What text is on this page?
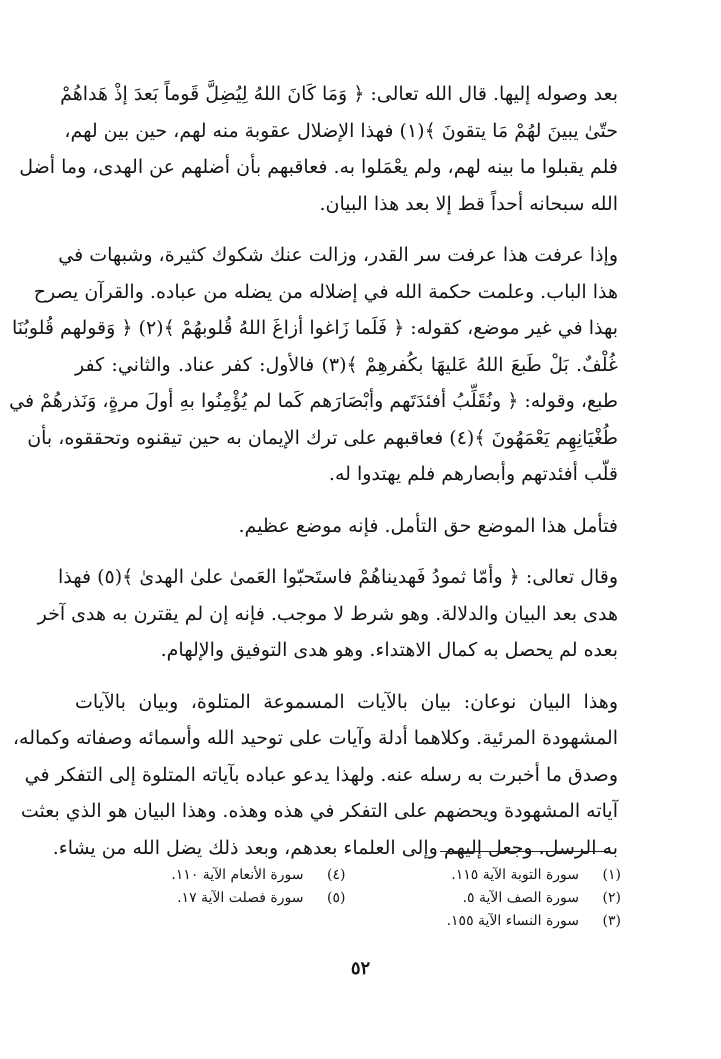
بعد وصوله إليها. قال الله تعالى: ﴿ وَمَا كَانَ اللهُ لِيُضِلَّ قَوماً بَعدَ إذْ هَداهُمْ
حتّىٰ يبينَ لهُمْ مَا يتقونَ ﴾(١) فهذا الإضلال عقوبة منه لهم، حين بين لهم،
فلم يقبلوا ما بينه لهم، ولم يعْمَلوا به. فعاقبهم بأن أضلهم عن الهدى، وما أضل
الله سبحانه أحداً قط إلا بعد هذا البيان.
وإذا عرفت هذا عرفت سر القدر، وزالت عنك شكوك كثيرة، وشبهات في
هذا الباب. وعلمت حكمة الله في إضلاله من يضله من عباده. والقرآن يصرح
بهذا في غير موضع، كقوله: ﴿ فَلَما زَاغوا أزاغَ اللهُ قُلوبهُمْ ﴾(٢) ﴿ وَقولهم قُلوبُنَا
غُلْفٌ. بَلْ طَبعَ اللهُ عَليهَا بكُفرهِمْ ﴾(٣) فالأول: كفر عناد. والثاني: كفر
طبع، وقوله: ﴿ ونُقَلِّبُ أفئدَتَهم وأبْصَارَهم كَما لم يُؤْمِنُوا بهِ أولَ مرةٍ، وَنَذرهُمْ في
طُغْيَانِهِم يَعْمَهُونَ ﴾(٤) فعاقبهم على ترك الإيمان به حين تيقنوه وتحققوه، بأن
قلّب أفئدتهم وأبصارهم فلم يهتدوا له.
فتأمل هذا الموضع حق التأمل. فإنه موضع عظيم.
وقال تعالى: ﴿ وأمّا ثمودُ فَهديناهُمْ فاستَحبّوا العَمىٰ علىٰ الهدىٰ ﴾(٥) فهذا
هدى بعد البيان والدلالة. وهو شرط لا موجب. فإنه إن لم يقترن به هدى آخر
بعده لم يحصل به كمال الاهتداء. وهو هدى التوفيق والإلهام.
وهذا البيان نوعان: بيان بالآيات المسموعة المتلوة، وبيان بالآيات
المشهودة المرئية. وكلاهما أدلة وآيات على توحيد الله وأسمائه وصفاته وكماله،
وصدق ما أخبرت به رسله عنه. ولهذا يدعو عباده بآياته المتلوة إلى التفكر في
آياته المشهودة ويحضهم على التفكر في هذه وهذه. وهذا البيان هو الذي بعثت
به الرسل. وجعل إليهم وإلى العلماء بعدهم، وبعد ذلك يضل الله من يشاء.
(١)
سورة التوبة الآية ١١٥.
(٤)
سورة الأنعام الآية ١١٠.
(٢)
سورة الصف الآية ٥.
(٥)
سورة فصلت الآية ١٧.
(٣)
سورة النساء الآية ١٥٥.
٥٢
